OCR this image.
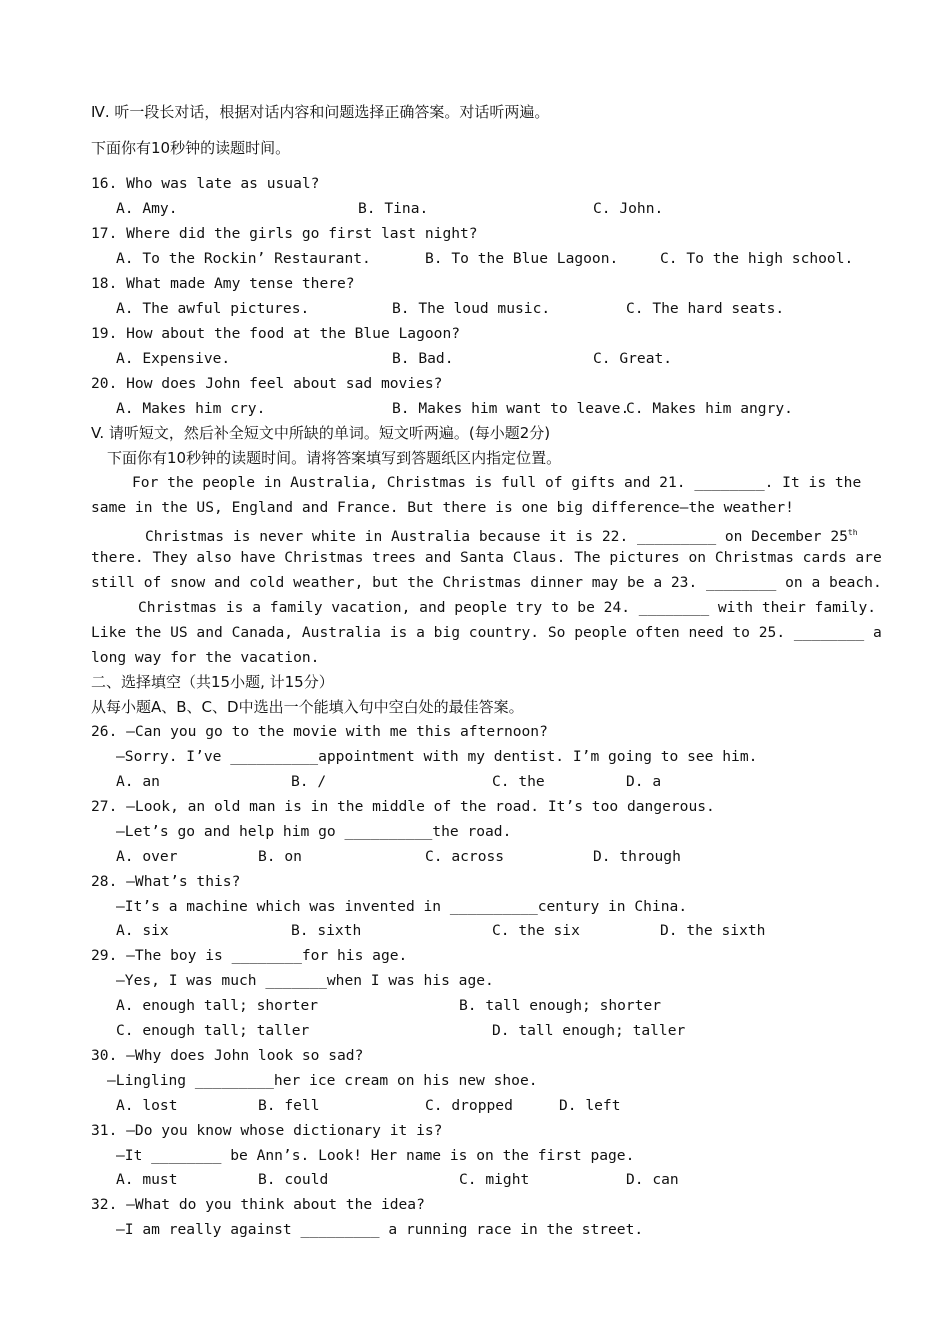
Ⅳ. 听一段长对话，根据对话内容和问题选择正确答案。对话听两遍。
下面你有10秒钟的读题时间。
16. Who was late as usual?
A. Amy.	B. Tina.	C. John.
17. Where did the girls go first last night?
A. To the Rockin’ Restaurant.	B. To the Blue Lagoon.	C. To the high school.
18. What made Amy tense there?
A. The awful pictures.	B. The loud music.	C. The hard seats.
19. How about the food at the Blue Lagoon?
A. Expensive.	B. Bad.	C. Great.
20. How does John feel about sad movies?
A. Makes him cry.	B. Makes him want to leave.
C. Makes him angry.
V. 请听短文，然后补全短文中所缺的单词。短文听两遍。(每小题2分)
下面你有10秒钟的读题时间。请将答案填写到答题纸区内指定位置。
For the people in Australia, Christmas is full of gifts and 21. ________. It is the
same in the US, England and France. But there is one big difference—the weather!
Christmas is never white in Australia because it is 22. _________ on December 25th
there. They also have Christmas trees and Santa Claus. The pictures on Christmas cards are
still of snow and cold weather, but the Christmas dinner may be a 23. ________ on a beach.
Christmas is a family vacation, and people try to be 24. ________ with their family.
Like the US and Canada, Australia is a big country. So people often need to 25. ________ a
long way for the vacation.
二、选择填空（共15小题, 计15分）
从每小题A、B、C、D中选出一个能填入句中空白处的最佳答案。
26. —Can you go to the movie with me this afternoon?
—Sorry. I’ve __________appointment with my dentist. I’m going to see him.
A. an	B. /	C. the	D. a
27. —Look, an old man is in the middle of the road. It’s too dangerous.
—Let’s go and help him go __________the road.
A. over	B. on	C. across	D. through
28. —What’s this?
—It’s a machine which was invented in __________century in China.
A. six	B. sixth	C. the six	D. the sixth
29. —The boy is ________for his age.
—Yes, I was much _______when I was his age.
A. enough tall; shorter	B. tall enough; shorter
C. enough tall; taller	D. tall enough; taller
30. —Why does John look so sad?
—Lingling _________her ice cream on his new shoe.
A. lost	B. fell	C. dropped	D. left
31. —Do you know whose dictionary it is?
—It ________ be Ann’s. Look! Her name is on the first page.
A. must	B. could	C. might	D. can
32. —What do you think about the idea?
—I am really against _________ a running race in the street.
